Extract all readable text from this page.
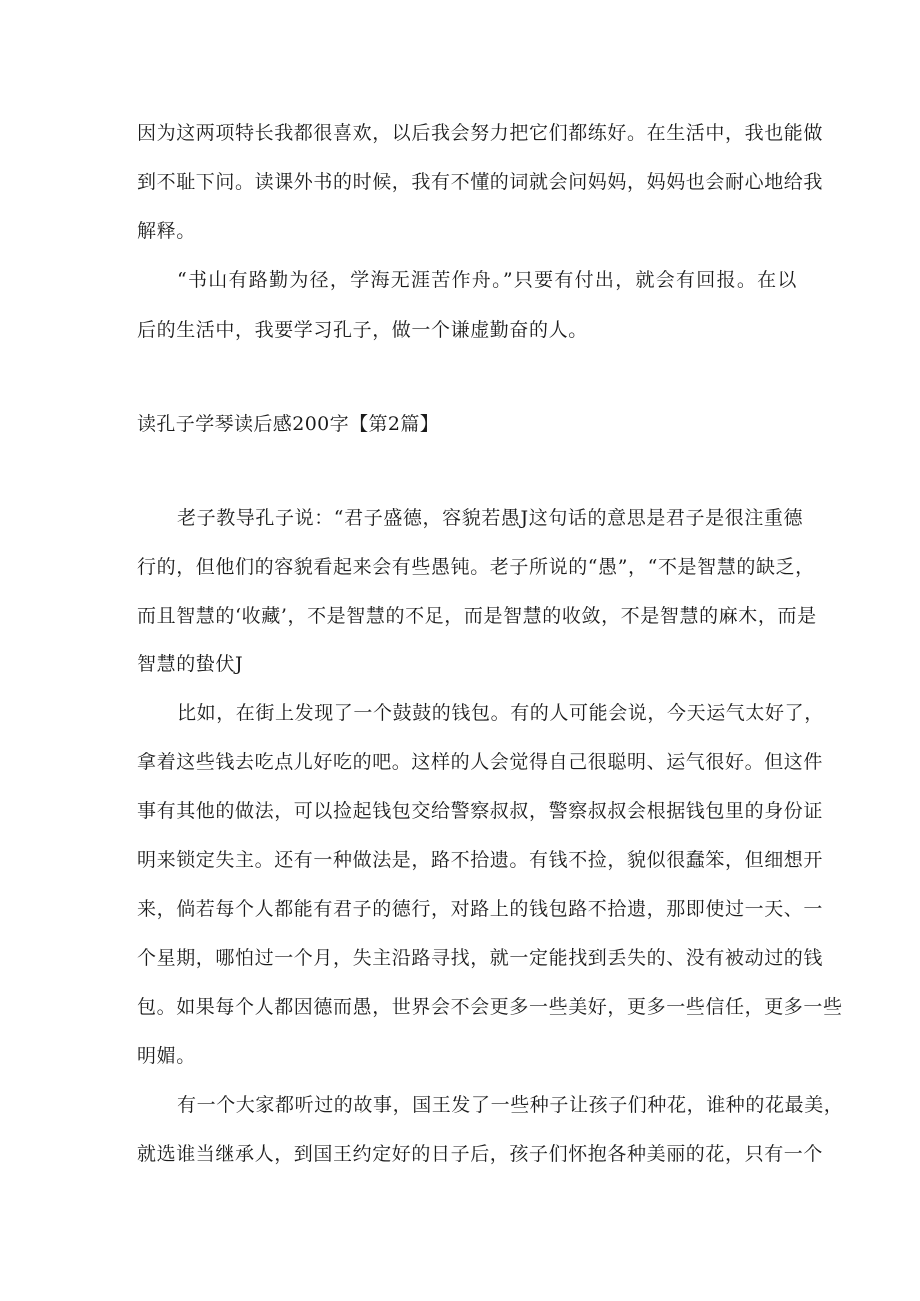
因为这两项特长我都很喜欢，以后我会努力把它们都练好。在生活中，我也能做
到不耻下问。读课外书的时候，我有不懂的词就会问妈妈，妈妈也会耐心地给我
解释。
“书山有路勤为径，学海无涯苦作舟。”只要有付出，就会有回报。在以
后的生活中，我要学习孔子，做一个谦虚勤奋的人。
读孔子学琴读后感200字【第2篇】
老子教导孔子说：“君子盛德，容貌若愚J这句话的意思是君子是很注重德
行的，但他们的容貌看起来会有些愚钝。老子所说的“愚”，“不是智慧的缺乏，
而且智慧的‘收藏’，不是智慧的不足，而是智慧的收敛，不是智慧的麻木，而是
智慧的蛰伏J
比如，在街上发现了一个鼓鼓的钱包。有的人可能会说，今天运气太好了，
拿着这些钱去吃点儿好吃的吧。这样的人会觉得自己很聪明、运气很好。但这件
事有其他的做法，可以捡起钱包交给警察叔叔，警察叔叔会根据钱包里的身份证
明来锁定失主。还有一种做法是，路不拾遗。有钱不捡，貌似很蠢笨，但细想开
来，倘若每个人都能有君子的德行，对路上的钱包路不拾遗，那即使过一天、一
个星期，哪怕过一个月，失主沿路寻找，就一定能找到丢失的、没有被动过的钱
包。如果每个人都因德而愚，世界会不会更多一些美好，更多一些信任，更多一些
明媚。
有一个大家都听过的故事，国王发了一些种子让孩子们种花，谁种的花最美，
就选谁当继承人，到国王约定好的日子后，孩子们怀抱各种美丽的花，只有一个
